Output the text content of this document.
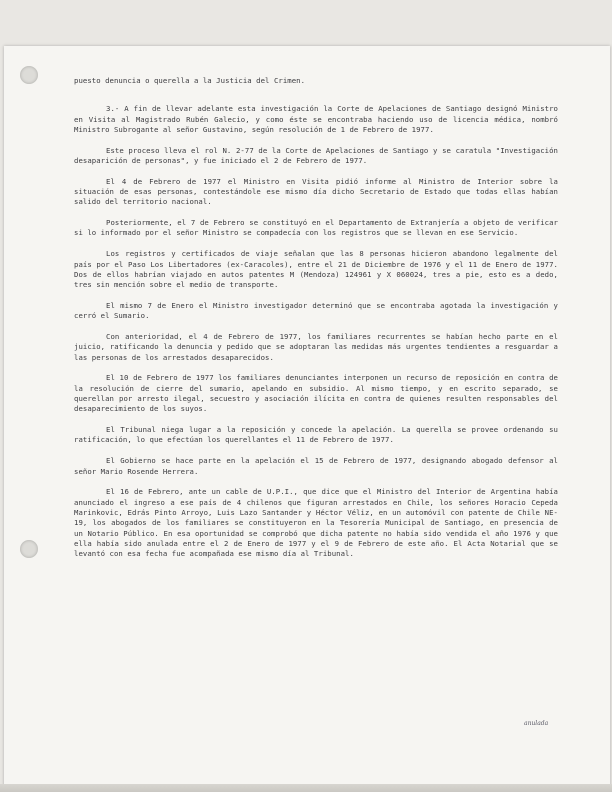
puesto denuncia o querella a la Justicia del Crimen.

3.- A fin de llevar adelante esta investigación la Corte de Apelaciones de Santiago designó Ministro en Visita al Magistrado Rubén Galecio, y como éste se encontraba haciendo uso de licencia médica, nombró Ministro Subrogante al señor Gustavino, según resolución de 1 de Febrero de 1977.

Este proceso lleva el rol N. 2-77 de la Corte de Apelaciones de Santiago y se caratula "Investigación desaparición de personas", y fue iniciado el 2 de Febrero de 1977.

El 4 de Febrero de 1977 el Ministro en Visita pidió informe al Ministro de Interior sobre la situación de esas personas, contestándole ese mismo día dicho Secretario de Estado que todas ellas habían salido del territorio nacional.

Posteriormente, el 7 de Febrero se constituyó en el Departamento de Extranjería a objeto de verificar si lo informado por el señor Ministro se compadecía con los registros que se llevan en ese Servicio.

Los registros y certificados de viaje señalan que las 8 personas hicieron abandono legalmente del país por el Paso Los Libertadores (ex-Caracoles), entre el 21 de Diciembre de 1976 y el 11 de Enero de 1977. Dos de ellos habrían viajado en autos patentes M (Mendoza) 124961 y X 060024, tres a pie, esto es a dedo, tres sin mención sobre el medio de transporte.

El mismo 7 de Enero el Ministro investigador determinó que se encontraba agotada la investigación y cerró el Sumario.

Con anterioridad, el 4 de Febrero de 1977, los familiares recurrentes se habían hecho parte en el juicio, ratificando la denuncia y pedido que se adoptaran las medidas más urgentes tendientes a resguardar a las personas de los arrestados desaparecidos.

El 10 de Febrero de 1977 los familiares denunciantes interponen un recurso de reposición en contra de la resolución de cierre del sumario, apelando en subsidio. Al mismo tiempo, y en escrito separado, se querellan por arresto ilegal, secuestro y asociación ilícita en contra de quienes resulten responsables del desaparecimiento de los suyos.

El Tribunal niega lugar a la reposición y concede la apelación. La querella se provee ordenando su ratificación, lo que efectúan los querellantes el 11 de Febrero de 1977.

El Gobierno se hace parte en la apelación el 15 de Febrero de 1977, designando abogado defensor al señor Mario Rosende Herrera.

El 16 de Febrero, ante un cable de U.P.I., que dice que el Ministro del Interior de Argentina había anunciado el ingreso a ese país de 4 chilenos que figuran arrestados en Chile, los señores Horacio Cepeda Marinkovic, Edrás Pinto Arroyo, Luis Lazo Santander y Héctor Véliz, en un automóvil con patente de Chile NE-19, los abogados de los familiares se constituyeron en la Tesorería Municipal de Santiago, en presencia de un Notario Público. En esa oportunidad se comprobó que dicha patente no había sido vendida el año 1976 y que ella había sido anulada entre el 2 de Enero de 1977 y el 9 de Febrero de este año. El Acta Notarial que se levantó con esa fecha fue acompañada ese mismo día al Tribunal.

anulada
